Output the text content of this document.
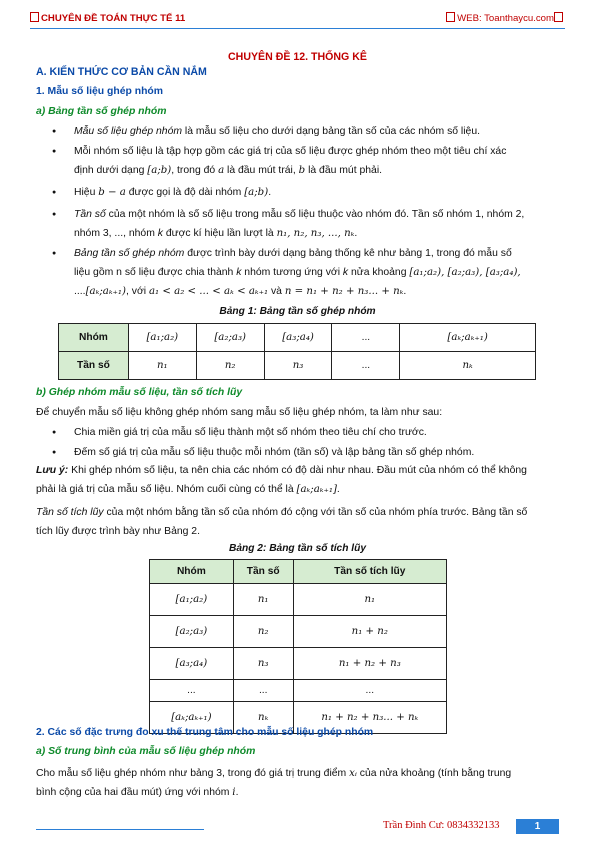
CHUYÊN ĐỀ TOÁN THỰC TẾ 11	WEB: Toanthaycu.com
CHUYÊN ĐỀ 12. THỐNG KÊ
A. KIẾN THỨC CƠ BẢN CẦN NẮM
1. Mẫu số liệu ghép nhóm
a) Bảng tần số ghép nhóm
● Mẫu số liệu ghép nhóm là mẫu số liệu cho dưới dạng bảng tần số của các nhóm số liệu.
● Mỗi nhóm số liệu là tập hợp gồm các giá trị của số liệu được ghép nhóm theo một tiêu chí xác
định dưới dạng [a;b), trong đó a là đầu mút trái, b là đầu mút phải.
● Hiệu b − a được gọi là độ dài nhóm [a;b).
● Tần số của một nhóm là số số liệu trong mẫu số liệu thuộc vào nhóm đó. Tần số nhóm 1, nhóm 2,
nhóm 3, ..., nhóm k được kí hiệu lần lượt là n₁, n₂, n₃, ..., nₖ.
● Bảng tần số ghép nhóm được trình bày dưới dạng bảng thống kê như bảng 1, trong đó mẫu số
liệu gồm n số liệu được chia thành k nhóm tương ứng với k nửa khoảng [a₁;a₂), [a₂;a₃), [a₃;a₄),
....[aₖ;aₖ₊₁), với a₁ < a₂ < ... < aₖ < aₖ₊₁ và n = n₁ + n₂ + n₃... + nₖ.
Bảng 1: Bảng tần số ghép nhóm
Nhóm	[a₁;a₂)	[a₂;a₃)	[a₃;a₄)	...	[aₖ;aₖ₊₁)
Tần số	n₁	n₂	n₃	...	nₖ
b) Ghép nhóm mẫu số liệu, tần số tích lũy
Để chuyển mẫu số liệu không ghép nhóm sang mẫu số liệu ghép nhóm, ta làm như sau:
● Chia miền giá trị của mẫu số liệu thành một số nhóm theo tiêu chí cho trước.
● Đếm số giá trị của mẫu số liệu thuộc mỗi nhóm (tần số) và lập bảng tần số ghép nhóm.
Lưu ý: Khi ghép nhóm số liệu, ta nên chia các nhóm có độ dài như nhau. Đầu mút của nhóm có thể không
phải là giá trị của mẫu số liệu. Nhóm cuối cùng có thể là [aₖ;aₖ₊₁].
Tần số tích lũy của một nhóm bằng tần số của nhóm đó cộng với tần số của nhóm phía trước. Bảng tần số
tích lũy được trình bày như Bảng 2.
Bảng 2: Bảng tần số tích lũy
Nhóm	Tần số	Tần số tích lũy
[a₁;a₂)	n₁	n₁
[a₂;a₃)	n₂	n₁ + n₂
[a₃;a₄)	n₃	n₁ + n₂ + n₃
...	...	...
[aₖ;aₖ₊₁)	nₖ	n₁ + n₂ + n₃... + nₖ
2. Các số đặc trưng đo xu thế trung tâm cho mẫu số liệu ghép nhóm
a) Số trung bình của mẫu số liệu ghép nhóm
Cho mẫu số liệu ghép nhóm như bảng 3, trong đó giá trị trung điểm xᵢ của nửa khoảng (tính bằng trung
bình cộng của hai đầu mút) ứng với nhóm i.
Trần Đình Cư: 0834332133	1
